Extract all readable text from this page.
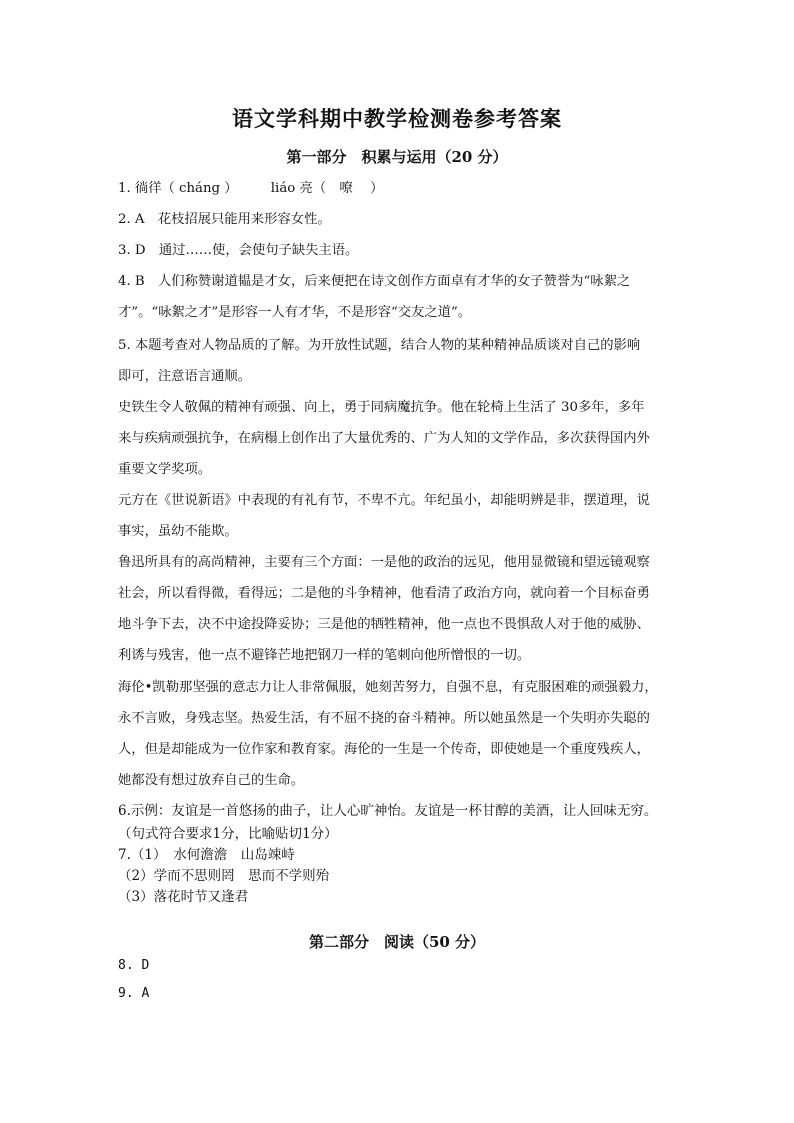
语文学科期中教学检测卷参考答案
第一部分　积累与运用（20 分）

1. 徜徉（ cháng ）　　　liáo 亮（　嘹　 ）

2. A　花枝招展只能用来形容女性。

3. D　通过……使，会使句子缺失主语。

4. B　人们称赞谢道韫是才女，后来便把在诗文创作方面卓有才华的女子赞誉为“咏絮之

才”。“咏絮之才”是形容一人有才华，不是形容“交友之道”。

5. 本题考查对人物品质的了解。为开放性试题，结合人物的某种精神品质谈对自己的影响

即可，注意语言通顺。

史铁生令人敬佩的精神有顽强、向上，勇于同病魔抗争。他在轮椅上生活了 30多年，多年

来与疾病顽强抗争，在病榻上创作出了大量优秀的、广为人知的文学作品，多次获得国内外

重要文学奖项。

元方在《世说新语》中表现的有礼有节，不卑不亢。年纪虽小，却能明辨是非，摆道理，说

事实，虽幼不能欺。

鲁迅所具有的高尚精神，主要有三个方面：一是他的政治的远见，他用显微镜和望远镜观察

社会，所以看得微，看得远；二是他的斗争精神，他看清了政治方向，就向着一个目标奋勇

地斗争下去，决不中途投降妥协；三是他的牺牲精神，他一点也不畏惧敌人对于他的威胁、

利诱与残害，他一点不避锋芒地把钢刀一样的笔刺向他所憎恨的一切。

海伦•凯勒那坚强的意志力让人非常佩服，她刻苦努力，自强不息，有克服困难的顽强毅力，

永不言败，身残志坚。热爱生活，有不屈不挠的奋斗精神。所以她虽然是一个失明亦失聪的

人，但是却能成为一位作家和教育家。海伦的一生是一个传奇，即使她是一个重度残疾人，

她都没有想过放弃自己的生命。

6.示例：友谊是一首悠扬的曲子，让人心旷神怡。友谊是一杯甘醇的美酒，让人回味无穷。

（句式符合要求1分，比喻贴切1分）

7.（1）　水何澹澹　山岛竦峙

（2）学而不思则罔　思而不学则殆

（3）落花时节又逢君

第二部分　阅读（50 分）

8. D

9. A
